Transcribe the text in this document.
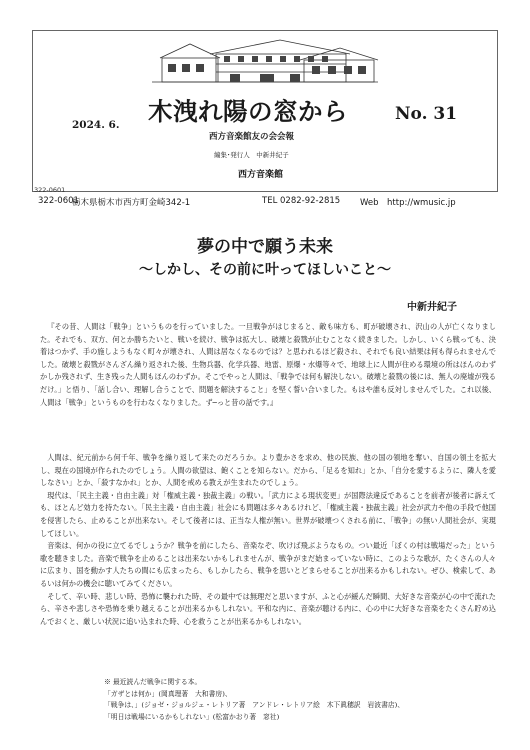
2024. 6. 木洩れ陽の窓から	No. 31
西方音楽館友の会会報
編集･発行人　中新井紀子
西方音楽館
322-0601
322-0601
栃木県栃木市西方町金崎342-1	TEL 0282-92-2815 Web　http://wmusic.jp
夢の中で願う未来
〜しかし、その前に叶ってほしいこと〜
中新井紀子

『その昔、人間は「戦争」というものを行っていました。一旦戦争がはじまると、敵も味方も、町が破壊され、沢山の人が亡くなりました。それでも、双方、何とか勝ちたいと、戦いを続け、戦争は拡大し、破壊と殺戮が止むことなく続きました。しかし、いくら戦っても、決着はつかず、手の施しようもなく町々が壊され、人間は居なくなるのでは？と思われるほど殺され、それでも良い結果は何も得られませんでした。破壊と殺戮がさんざん繰り返された後、生物兵器、化学兵器、地雷、原爆・水爆等々で、地球上に人間が住める環境の所はほんのわずかしか残されず、生き残った人間もほんのわずか。そこでやっと人間は、「戦争では何も解決しない。破壊と殺戮の後には、無人の廃墟が残るだけ。」と悟り、「話し合い、理解し合うことで、問題を解決すること」を堅く誓い合いました。もはや誰も反対しませんでした。これ以後、人間は「戦争」というものを行わなくなりました。ず─っと昔の話です。』

人間は、紀元前から何千年、戦争を繰り返して来たのだろうか。より豊かさを求め、他の民族、他の国の領地を奪い、自国の領土を拡大し、現在の国境が作られたのでしょう。人間の欲望は、飽くことを知らない。だから、「足るを知れ」とか、「自分を愛するように、隣人を愛しなさい」とか、「殺すなかれ」とか、人間を戒める教えが生まれたのでしょう。

現代は、「民主主義・自由主義」対「権威主義・独裁主義」の戦い。「武力による現状変更」が国際法違反であることを前者が後者に訴えても、ほとんど効力を持たない。「民主主義・自由主義」社会にも問題は多々あるけれど、「権威主義・独裁主義」社会が武力や他の手段で他国を侵害したら、止めることが出来ない。そして後者には、正当な人権が無い。世界が破壊つくされる前に、「戦争」の無い人間社会が、実現してほしい。

音楽は、何かの役に立てるでしょうか？戦争を前にしたら、音楽なぞ、吹けば飛ぶようなもの。つい最近「ぼくの村は戦場だった」という歌を聴きました。音楽で戦争を止めることは出来ないかもしれませんが、戦争がまだ始まっていない時に、このような歌が、たくさんの人々に広まり、国を動かす人たちの間にも広まったら、もしかしたら、戦争を思いとどまらせることが出来るかもしれない。ぜひ、検索して、あるいは何かの機会に聴いてみてください。

そして、辛い時、悲しい時、恐怖に襲われた時、その最中では無理だと思いますが、ふと心が緩んだ瞬間、大好きな音楽が心の中で流れたら、辛さや悲しさや恐怖を乗り越えることが出来るかもしれない。平和な内に、音楽が聴ける内に、心の中に大好きな音楽をたくさん貯め込んでおくと、厳しい状況に追い込まれた時、心を救うことが出来るかもしれない。

※ 最近読んだ戦争に関する本。
「ガザとは何か」(岡真理著　大和書房)、
「戦争は、」(ジョゼ・ジョルジェ・レトリア著　アンドレ・レトリア絵　木下眞穂訳　岩波書店)、
「明日は戦場にいるかもしれない」(松富かおり著　窓社)
